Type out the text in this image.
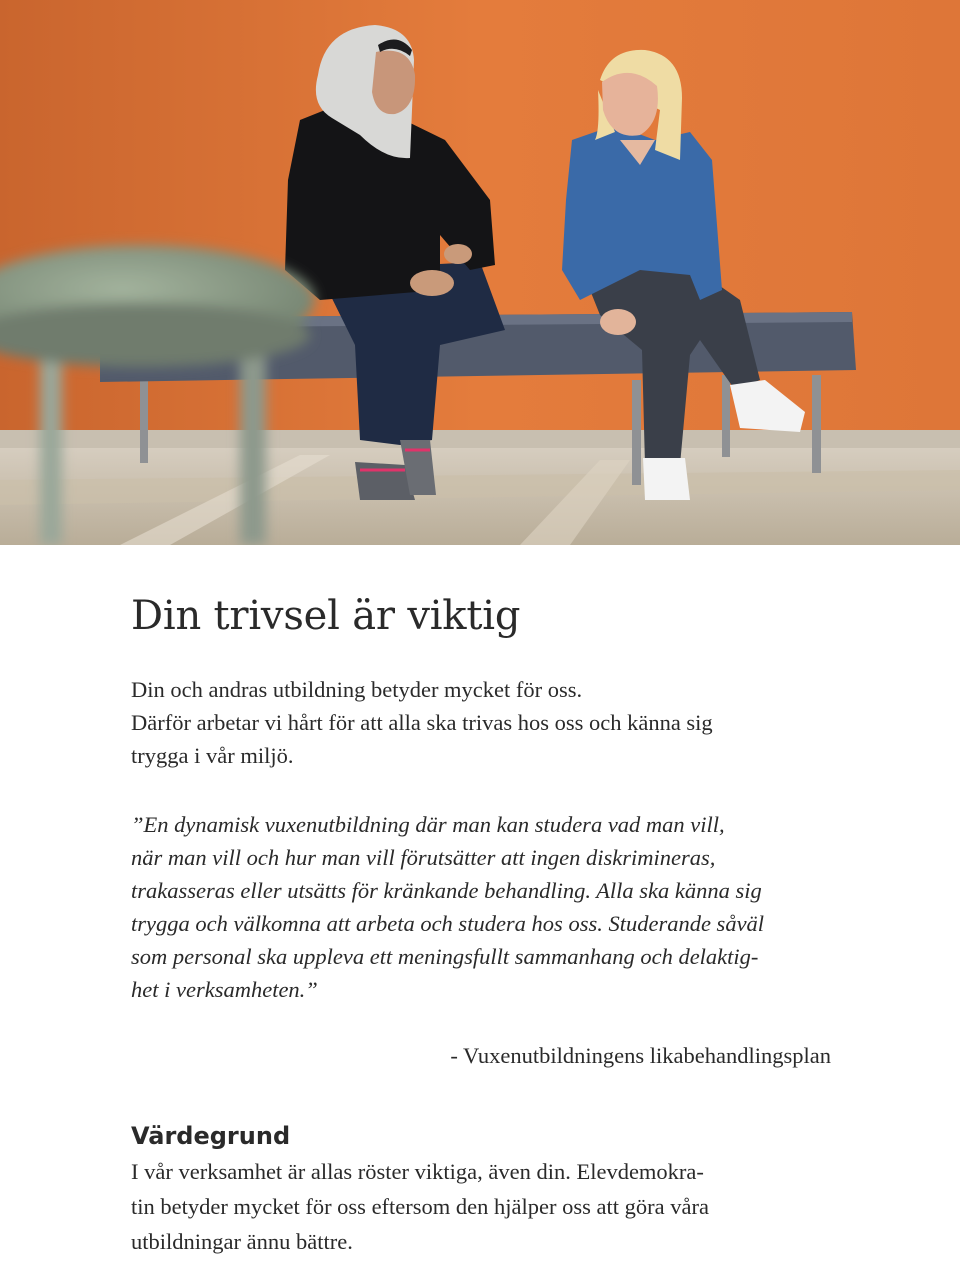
Din trivsel är viktig

Din och andras utbildning betyder mycket för oss.

Därför arbetar vi hårt för att alla ska trivas hos oss och känna sig

trygga i vår miljö.

”En dynamisk vuxenutbildning där man kan studera vad man vill,

när man vill och hur man vill förutsätter att ingen diskrimineras,

trakasseras eller utsätts för kränkande behandling. Alla ska känna sig

trygga och välkomna att arbeta och studera hos oss. Studerande såväl

som personal ska uppleva ett meningsfullt sammanhang och delaktig-

het i verksamheten.”

- Vuxenutbildningens likabehandlingsplan
Värdegrund

I vår verksamhet är allas röster viktiga, även din. Elevdemokra-

tin betyder mycket för oss eftersom den hjälper oss att göra våra

utbildningar ännu bättre.
